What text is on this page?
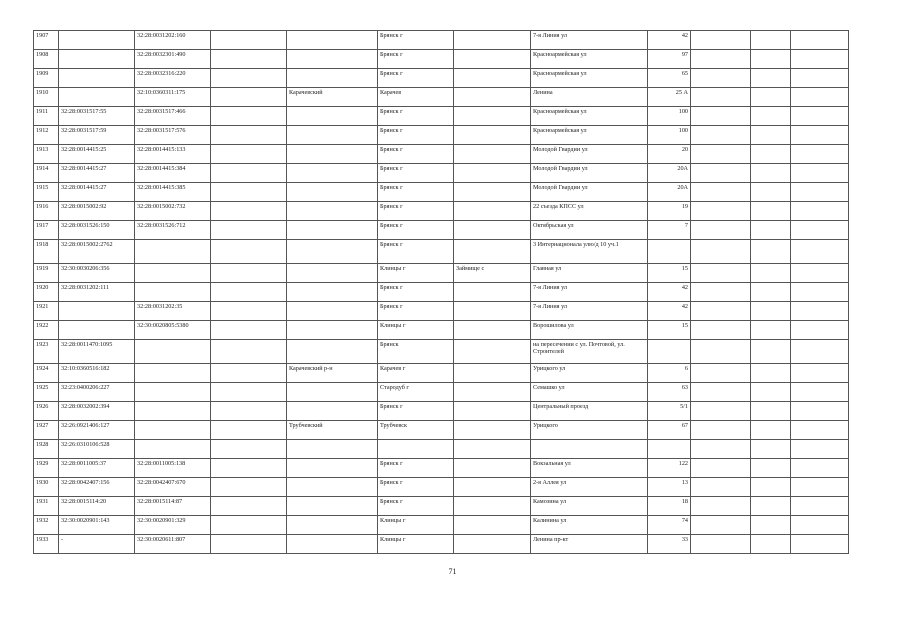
1907		32:28:0031202:160			Брянск г		7-я Линия ул	42			
1908		32:28:0032301:490			Брянск г		Красноармейская ул	97			
1909		32:28:0032316:220			Брянск г		Красноармейская ул	65			
1910		32:10:0360311:175		Карачевский	Карачев		Ленина	25 А			
1911	32:28:0031517:55	32:28:0031517:466			Брянск г		Красноармейская ул	100			
1912	32:28:0031517:59	32:28:0031517:576			Брянск г		Красноармейская ул	100			
1913	32:28:0014415:25	32:28:0014415:133			Брянск г		Молодой Гвардии ул	20			
1914	32:28:0014415:27	32:28:0014415:384			Брянск г		Молодой Гвардии ул	20А			
1915	32:28:0014415:27	32:28:0014415:385			Брянск г		Молодой Гвардии ул	20А			
1916	32:28:0015002:92	32:28:0015002:732			Брянск г		22 съезда КПСС ул	19			
1917	32:28:0031526:150	32:28:0031526:712			Брянск г		Октябрьская ул	7			
1918	32:28:0015002:2762				Брянск г		3 Интернационала улю/д 10 уч.1				
1919	32:30:0030206:356				Клинцы г	Займище с	Главная ул	15			
1920	32:28:0031202:111				Брянск г		7-я Линия ул	42			
1921		32:28:0031202:35			Брянск г		7-я Линия ул	42			
1922		32:30:0020805:5380			Клинцы г		Ворошилова ул	15			
1923	32:28:0011470:1095				Брянск		на пересечении с ул. Почтовой, ул. Строителей				
1924	32:10:0360516:182			Карачевский р-н	Карачев г		Урицкого ул	6			
1925	32:23:0400206:227				Стародуб г		Семашко ул	63			
1926	32:28:0032002:394				Брянск г		Центральный проезд	5/1			
1927	32:26:0921406:127			Трубчевский	Трубчевск		Урицкого	67			
1928	32:26:0310106:528										
1929	32:28:0011005:37	32:28:0011005:138			Брянск г		Вокзальная ул	122			
1930	32:28:0042407:156	32:28:0042407:670			Брянск г		2-я Аллея ул	13			
1931	32:28:0015114:20	32:28:0015114:87			Брянск г		Камозина ул	18			
1932	32:30:0020901:143	32:30:0020901:329			Клинцы г		Калинина ул	74			
1933	-	32:30:0020611:807			Клинцы г		Ленина пр-кт	33			
71
